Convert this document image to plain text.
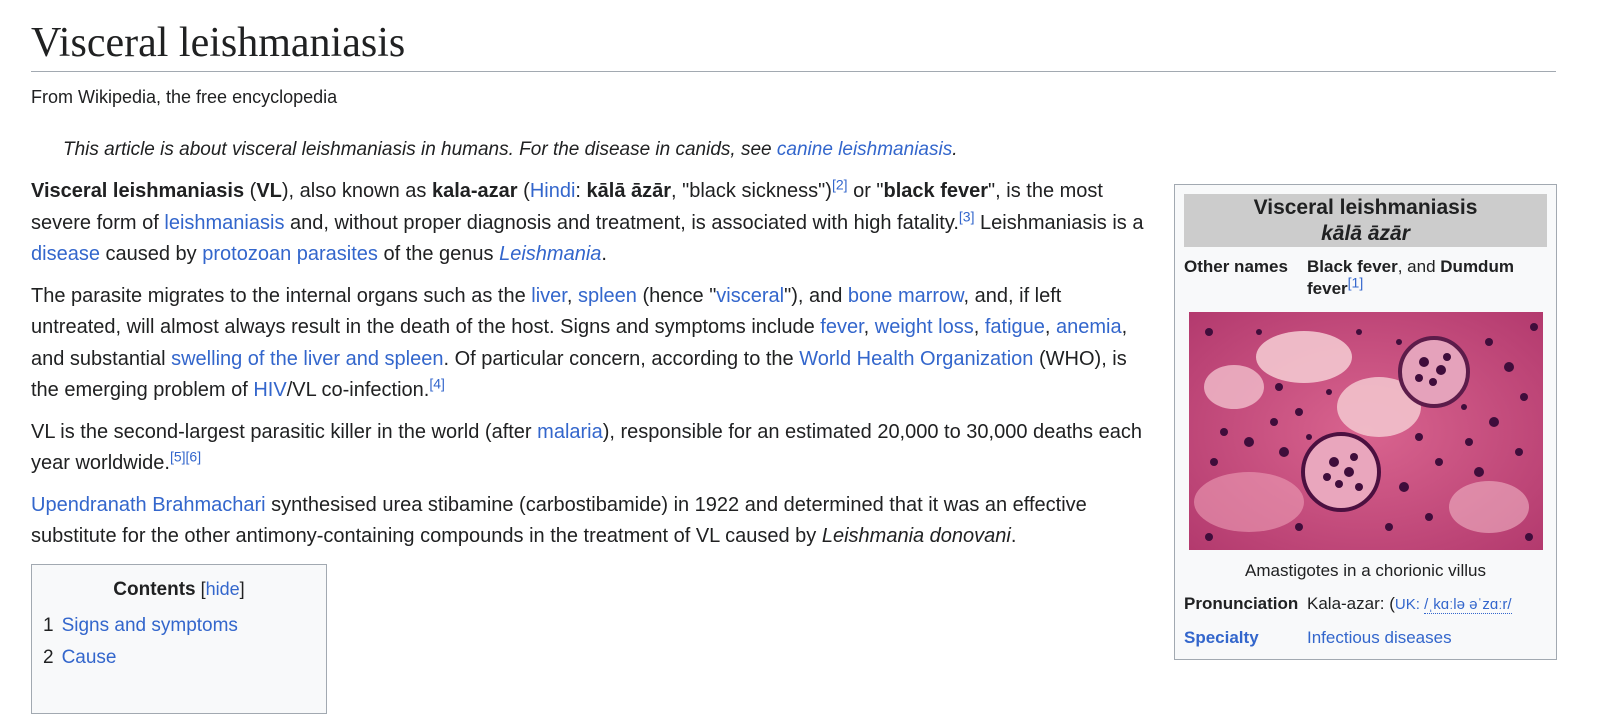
Visceral leishmaniasis
From Wikipedia, the free encyclopedia
This article is about visceral leishmaniasis in humans. For the disease in canids, see canine leishmaniasis.

Visceral leishmaniasis (VL), also known as kala-azar (Hindi: kālā āzār, "black sickness")[2] or "black fever", is the most severe form of leishmaniasis and, without proper diagnosis and treatment, is associated with high fatality.[3] Leishmaniasis is a disease caused by protozoan parasites of the genus Leishmania.

The parasite migrates to the internal organs such as the liver, spleen (hence "visceral"), and bone marrow, and, if left untreated, will almost always result in the death of the host. Signs and symptoms include fever, weight loss, fatigue, anemia, and substantial swelling of the liver and spleen. Of particular concern, according to the World Health Organization (WHO), is the emerging problem of HIV/VL co-infection.[4]

VL is the second-largest parasitic killer in the world (after malaria), responsible for an estimated 20,000 to 30,000 deaths each year worldwide.[5][6]

Upendranath Brahmachari synthesised urea stibamine (carbostibamide) in 1922 and determined that it was an effective substitute for the other antimony-containing compounds in the treatment of VL caused by Leishmania donovani.

Contents [hide]
1 Signs and symptoms
2 Cause
Visceral leishmaniasis
kālā āzār
Other names Black fever, and Dumdum fever[1]
Amastigotes in a chorionic villus
Pronunciation Kala-azar: (UK: /ˌkɑːlə əˈzɑːr/
Specialty	Infectious diseases
